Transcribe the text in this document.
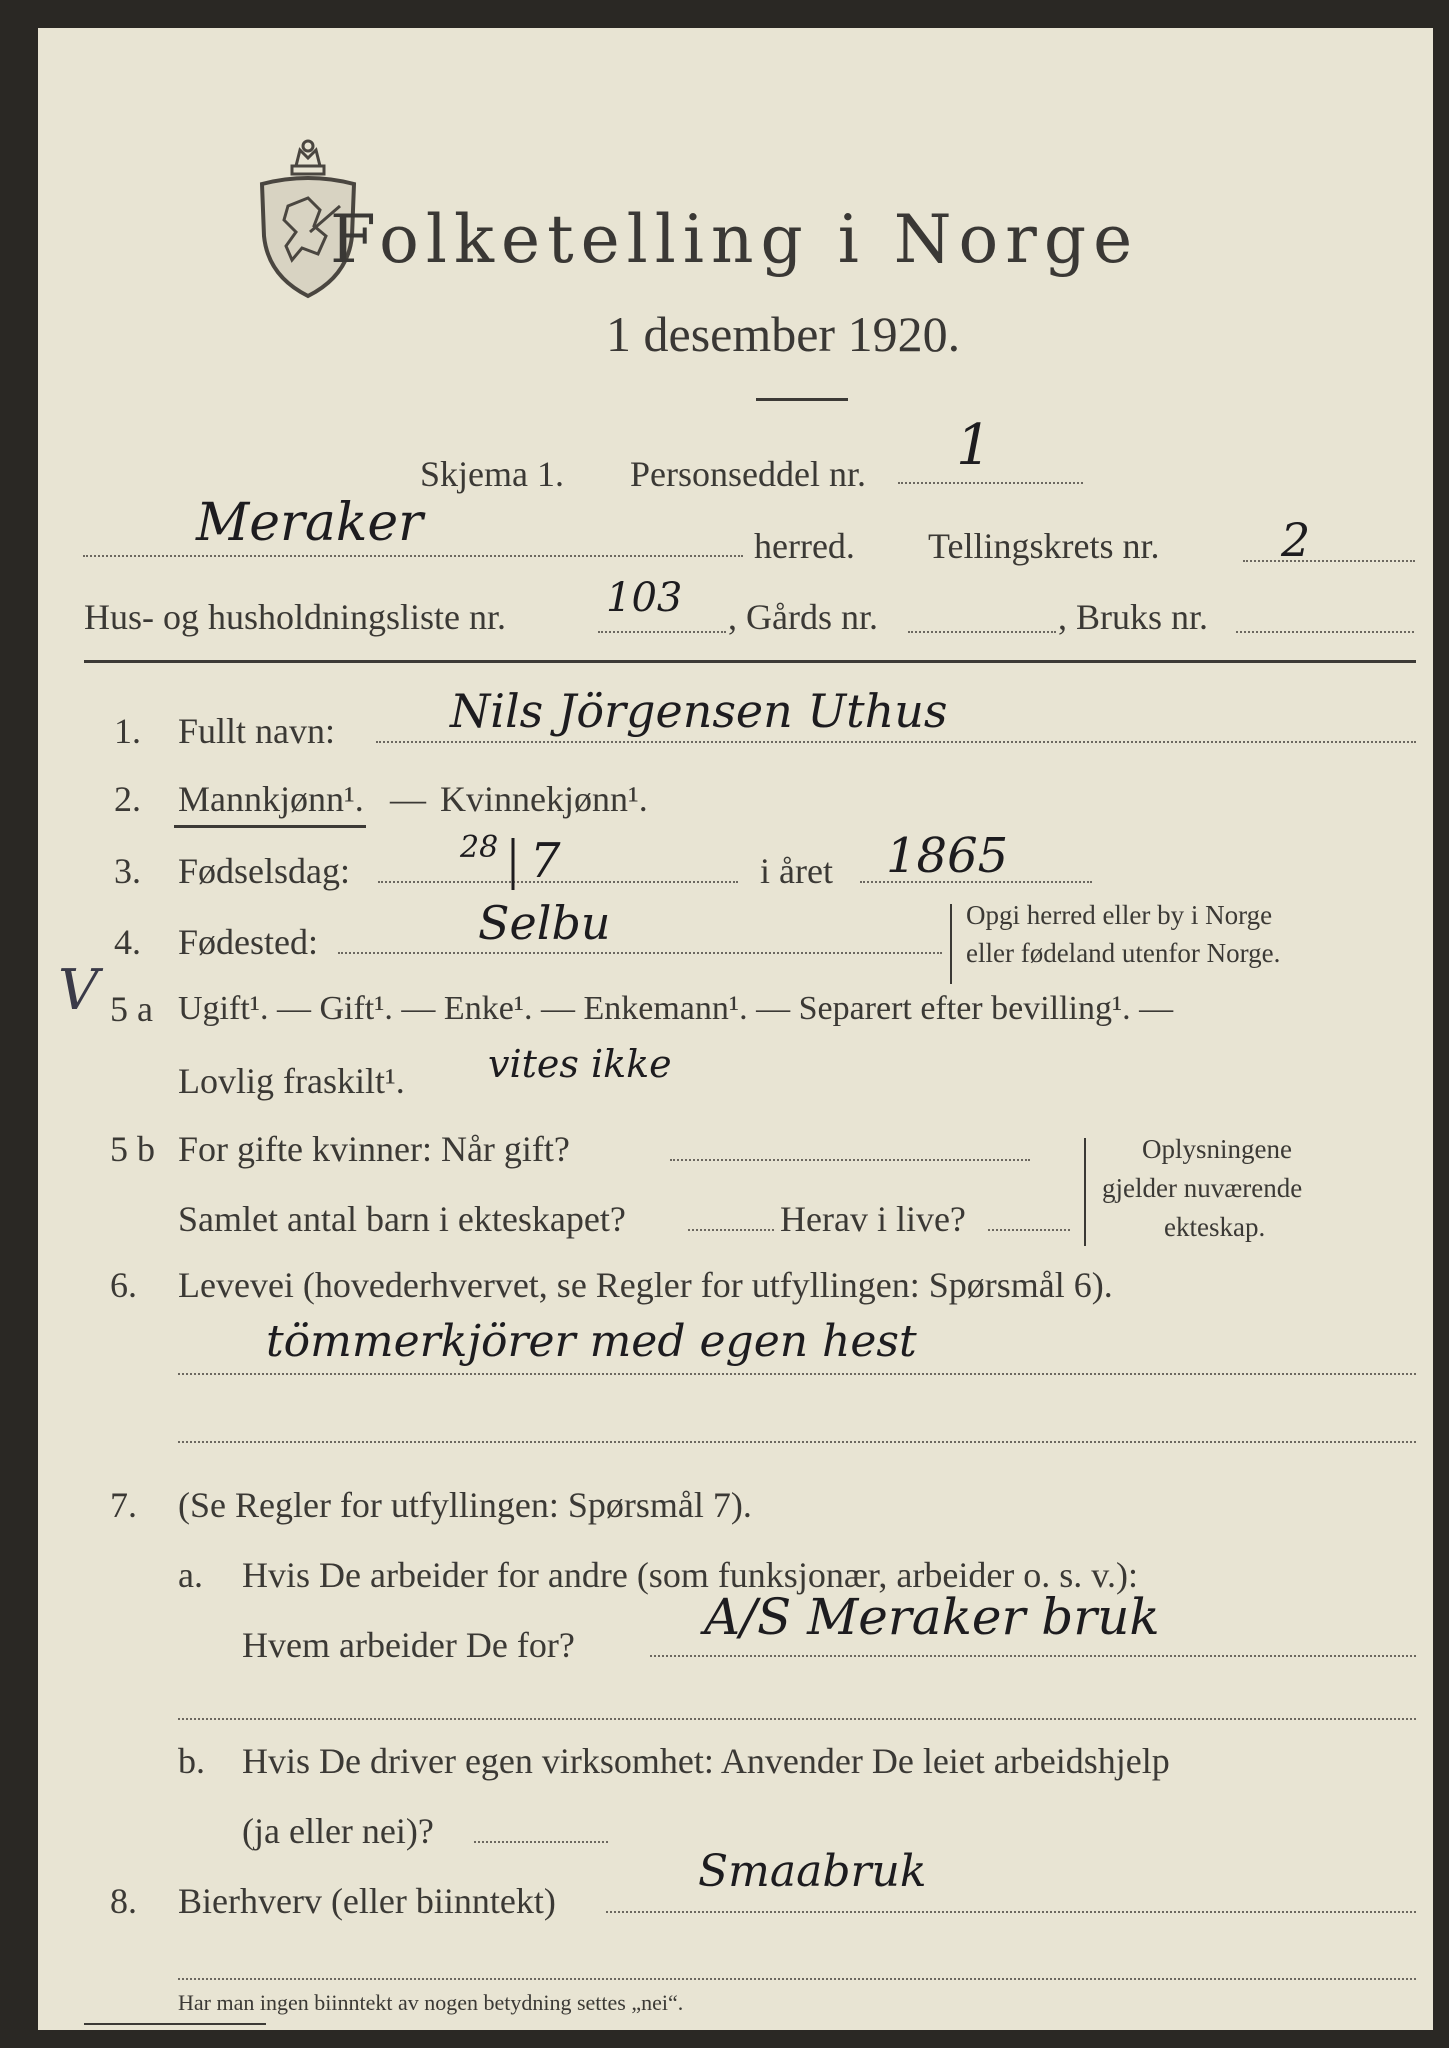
Folketelling i Norge
1 desember 1920.
Skjema 1. Personseddel nr. 1
Meraker	herred. Tellingskrets nr.	2
Hus- og husholdningsliste nr. 103 , Gårds nr.	, Bruks nr.
1. Fullt navn: Nils Jörgensen Uthus
2. Mannkjønn¹. — Kvinnekjønn¹.
3. Fødselsdag:
28 7	i året 1865
4. Fødested:	Selbu	Opgi herred eller by i Norge
eller fødeland utenfor Norge.
V 5 a Ugift¹. — Gift¹. — Enke¹. — Enkemann¹. — Separert efter bevilling¹. —
Lovlig fraskilt¹. vites ikke
5 b For gifte kvinner: Når gift?
Samlet antal barn i ekteskapet?	Herav i live?
Oplysningene
gjelder nuværende
ekteskap.
6. Levevei (hovederhvervet, se Regler for utfyllingen: Spørsmål 6).
tömmerkjörer med egen hest
7. (Se Regler for utfyllingen: Spørsmål 7).
a. Hvis De arbeider for andre (som funksjonær, arbeider o. s. v.):
Hvem arbeider De for?	A/S Meraker bruk
b. Hvis De driver egen virksomhet: Anvender De leiet arbeidshjelp
(ja eller nei)?
8. Bierhverv (eller biinntekt)
Smaabruk
Har man ingen biinntekt av nogen betydning settes „nei“.
